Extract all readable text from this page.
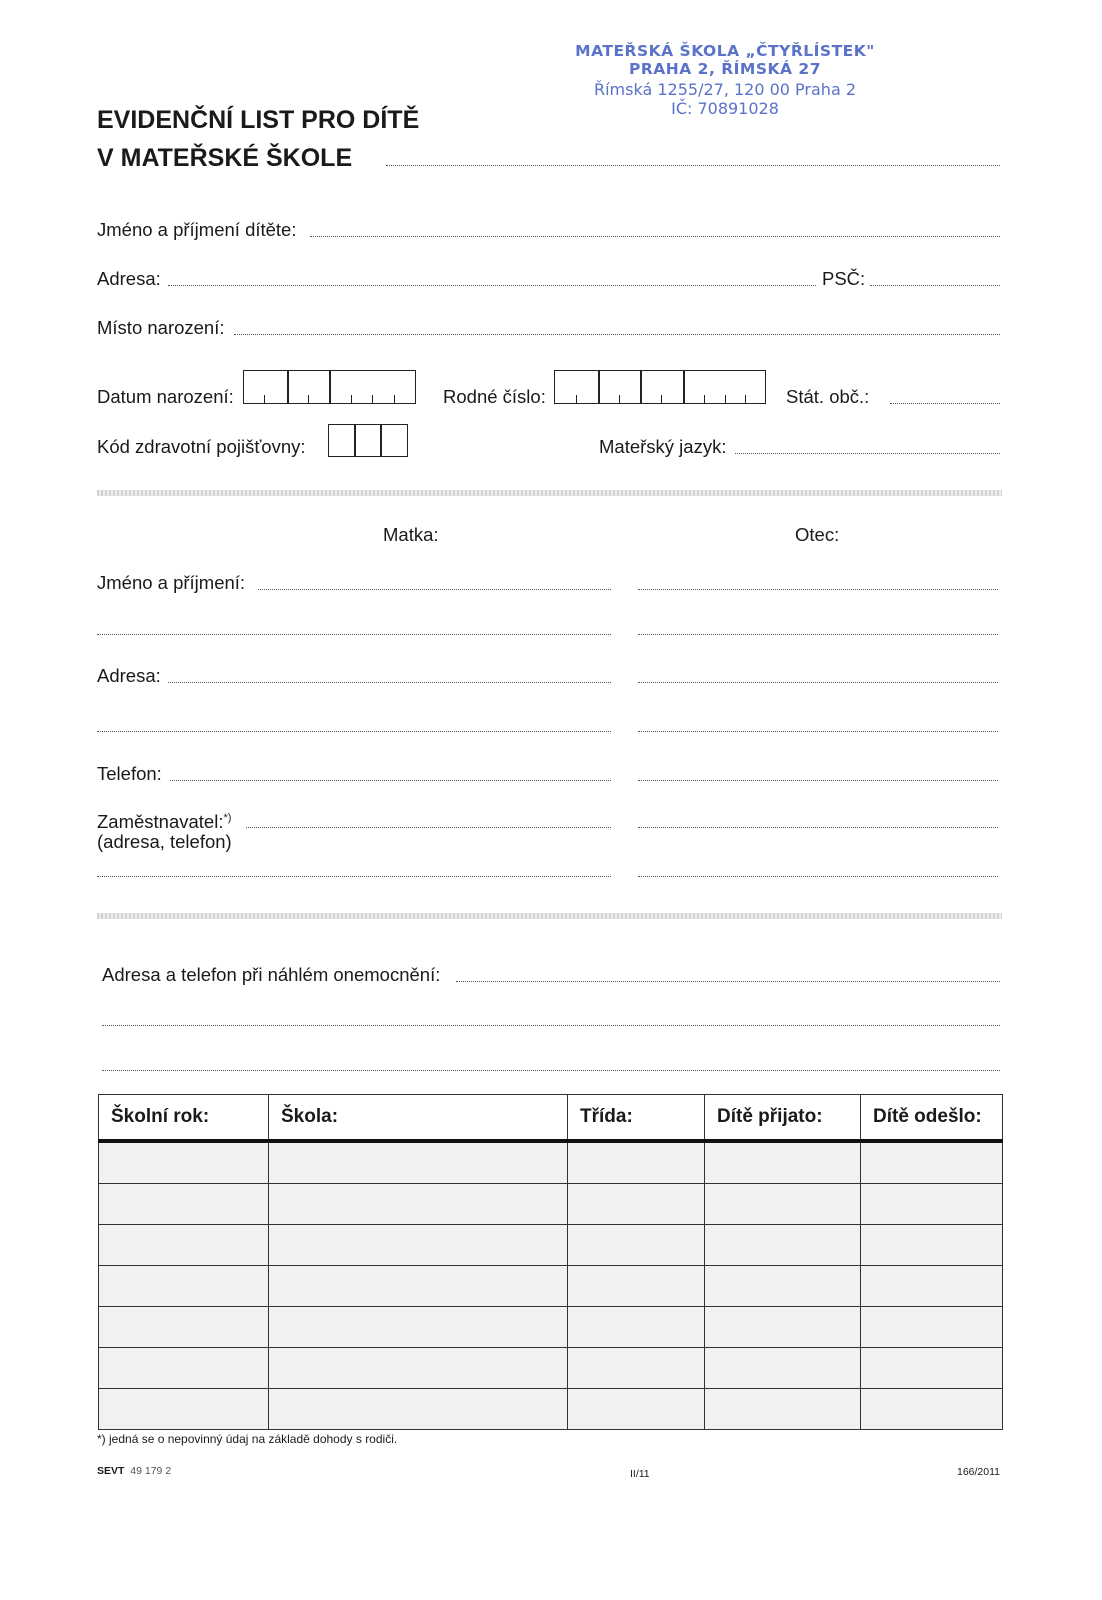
EVIDENČNÍ LIST PRO DÍTĚ
V MATEŘSKÉ ŠKOLE
MATEŘSKÁ ŠKOLA „ČTYŘLÍSTEK"
PRAHA 2, ŘÍMSKÁ 27
Římská 1255/27, 120 00 Praha 2
IČ: 70891028
Jméno a příjmení dítěte:
Adresa:	PSČ:
Místo narození:
Datum narození:	Rodné číslo:	Stát. obč.:
Kód zdravotní pojišťovny:	Mateřský jazyk:
Matka:	Otec:
Jméno a příjmení:
Adresa:
Telefon:
Zaměstnavatel:*)
(adresa, telefon)
Adresa a telefon při náhlém onemocnění:
Školní rok:	Škola:	Třída:	Dítě přijato:	Dítě odešlo:

*) jedná se o nepovinný údaj na základě dohody s rodiči.
SEVT 49 179 2	II/11	166/2011
